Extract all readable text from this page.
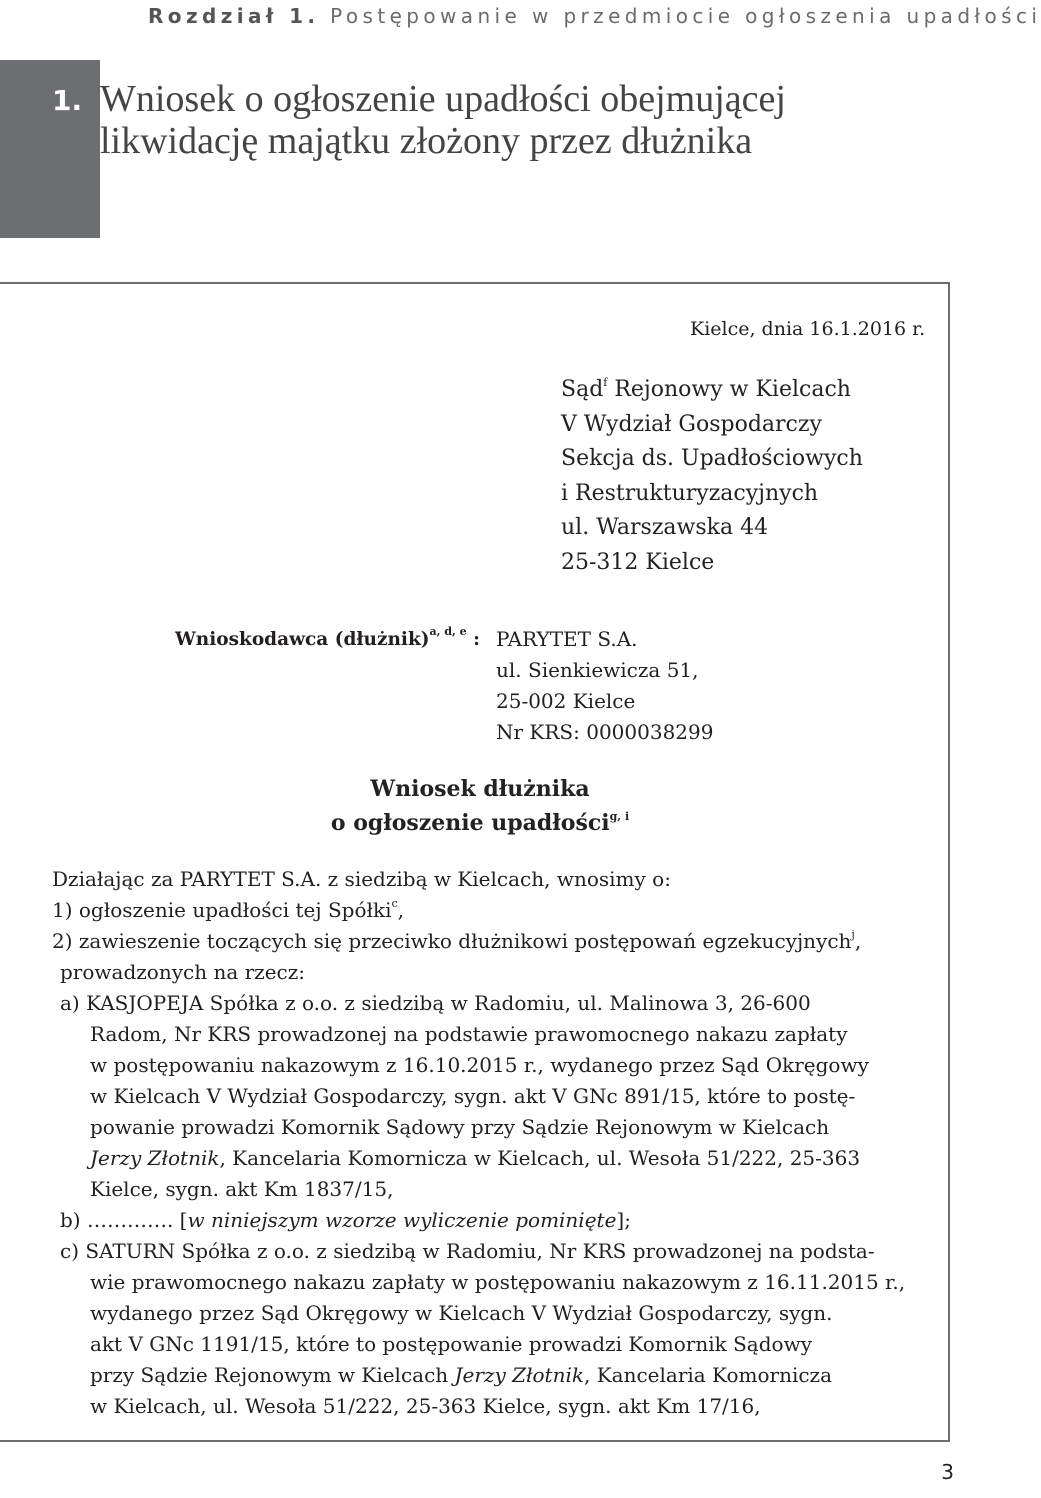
Rozdział 1. Postępowanie w przedmiocie ogłoszenia upadłości
1. Wniosek o ogłoszenie upadłości obejmującej
likwidację majątku złożony przez dłużnika
Kielce, dnia 16.1.2016 r.
Sąd$^f$ Rejonowy w Kielcach
V Wydział Gospodarczy
Sekcja ds. Upadłościowych
i Restrukturyzacyjnych
ul. Warszawska 44
25-312 Kielce
Wnioskodawca (dłużnik)$^{a, d, e}$ : PARYTET S.A.
ul. Sienkiewicza 51,
25-002 Kielce
Nr KRS: 0000038299
Wniosek dłużnika
o ogłoszenie upadłości$^{g, i}$
Działając za PARYTET S.A. z siedzibą w Kielcach, wnosimy o:
1) ogłoszenie upadłości tej Spółki$^c$,
2) zawieszenie toczących się przeciwko dłużnikowi postępowań egzekucyjnych$^j$,
prowadzonych na rzecz:
a) KASJOPEJA Spółka z o.o. z siedzibą w Radomiu, ul. Malinowa 3, 26-600
Radom, Nr KRS prowadzonej na podstawie prawomocnego nakazu zapłaty
w postępowaniu nakazowym z 16.10.2015 r., wydanego przez Sąd Okręgowy
w Kielcach V Wydział Gospodarczy, sygn. akt V GNc 891/15, które to postę-
powanie prowadzi Komornik Sądowy przy Sądzie Rejonowym w Kielcach
Jerzy Złotnik, Kancelaria Komornicza w Kielcach, ul. Wesoła 51/222, 25-363
Kielce, sygn. akt Km 1837/15,
b) …………. [w niniejszym wzorze wyliczenie pominięte];
c) SATURN Spółka z o.o. z siedzibą w Radomiu, Nr KRS prowadzonej na podsta-
wie prawomocnego nakazu zapłaty w postępowaniu nakazowym z 16.11.2015 r.,
wydanego przez Sąd Okręgowy w Kielcach V Wydział Gospodarczy, sygn.
akt V GNc 1191/15, które to postępowanie prowadzi Komornik Sądowy
przy Sądzie Rejonowym w Kielcach Jerzy Złotnik, Kancelaria Komornicza
w Kielcach, ul. Wesoła 51/222, 25-363 Kielce, sygn. akt Km 17/16,
3
